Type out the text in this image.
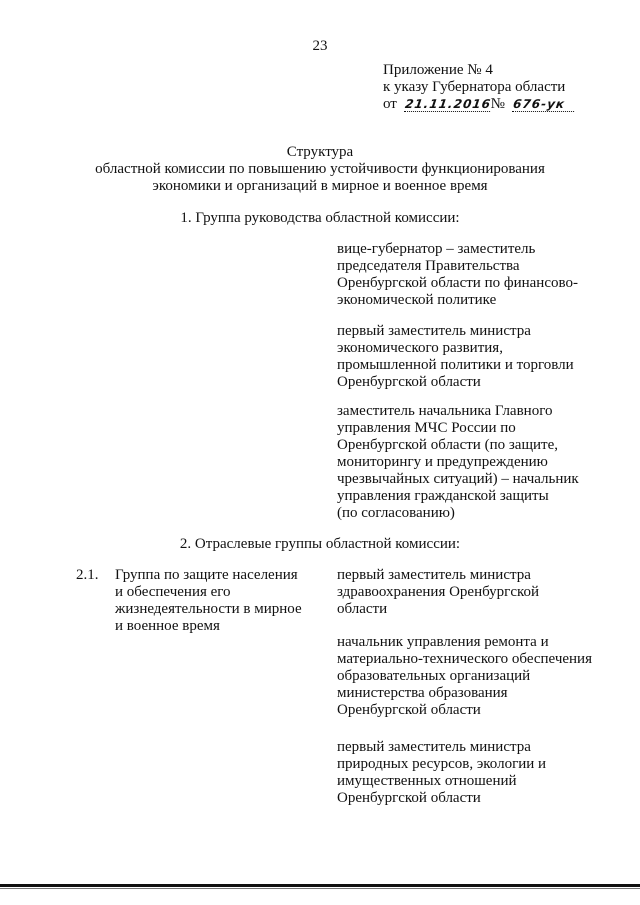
23
Приложение № 4
к указу Губернатора области
от 21.11.2016№ 676-ук
Структура
областной комиссии по повышению устойчивости функционирования
экономики и организаций в мирное и военное время
1. Группа руководства областной комиссии:
вице-губернатор – заместитель
председателя Правительства
Оренбургской области по финансово-
экономической политике
первый заместитель министра
экономического развития,
промышленной политики и торговли
Оренбургской области
заместитель начальника Главного
управления МЧС России по
Оренбургской области (по защите,
мониторингу и предупреждению
чрезвычайных ситуаций) – начальник
управления гражданской защиты
(по согласованию)
2. Отраслевые группы областной комиссии:
2.1. Группа по защите населения
и обеспечения его
жизнедеятельности в мирное
и военное время
первый заместитель министра
здравоохранения Оренбургской
области
начальник управления ремонта и
материально-технического обеспечения
образовательных организаций
министерства образования
Оренбургской области
первый заместитель министра
природных ресурсов, экологии и
имущественных отношений
Оренбургской области
